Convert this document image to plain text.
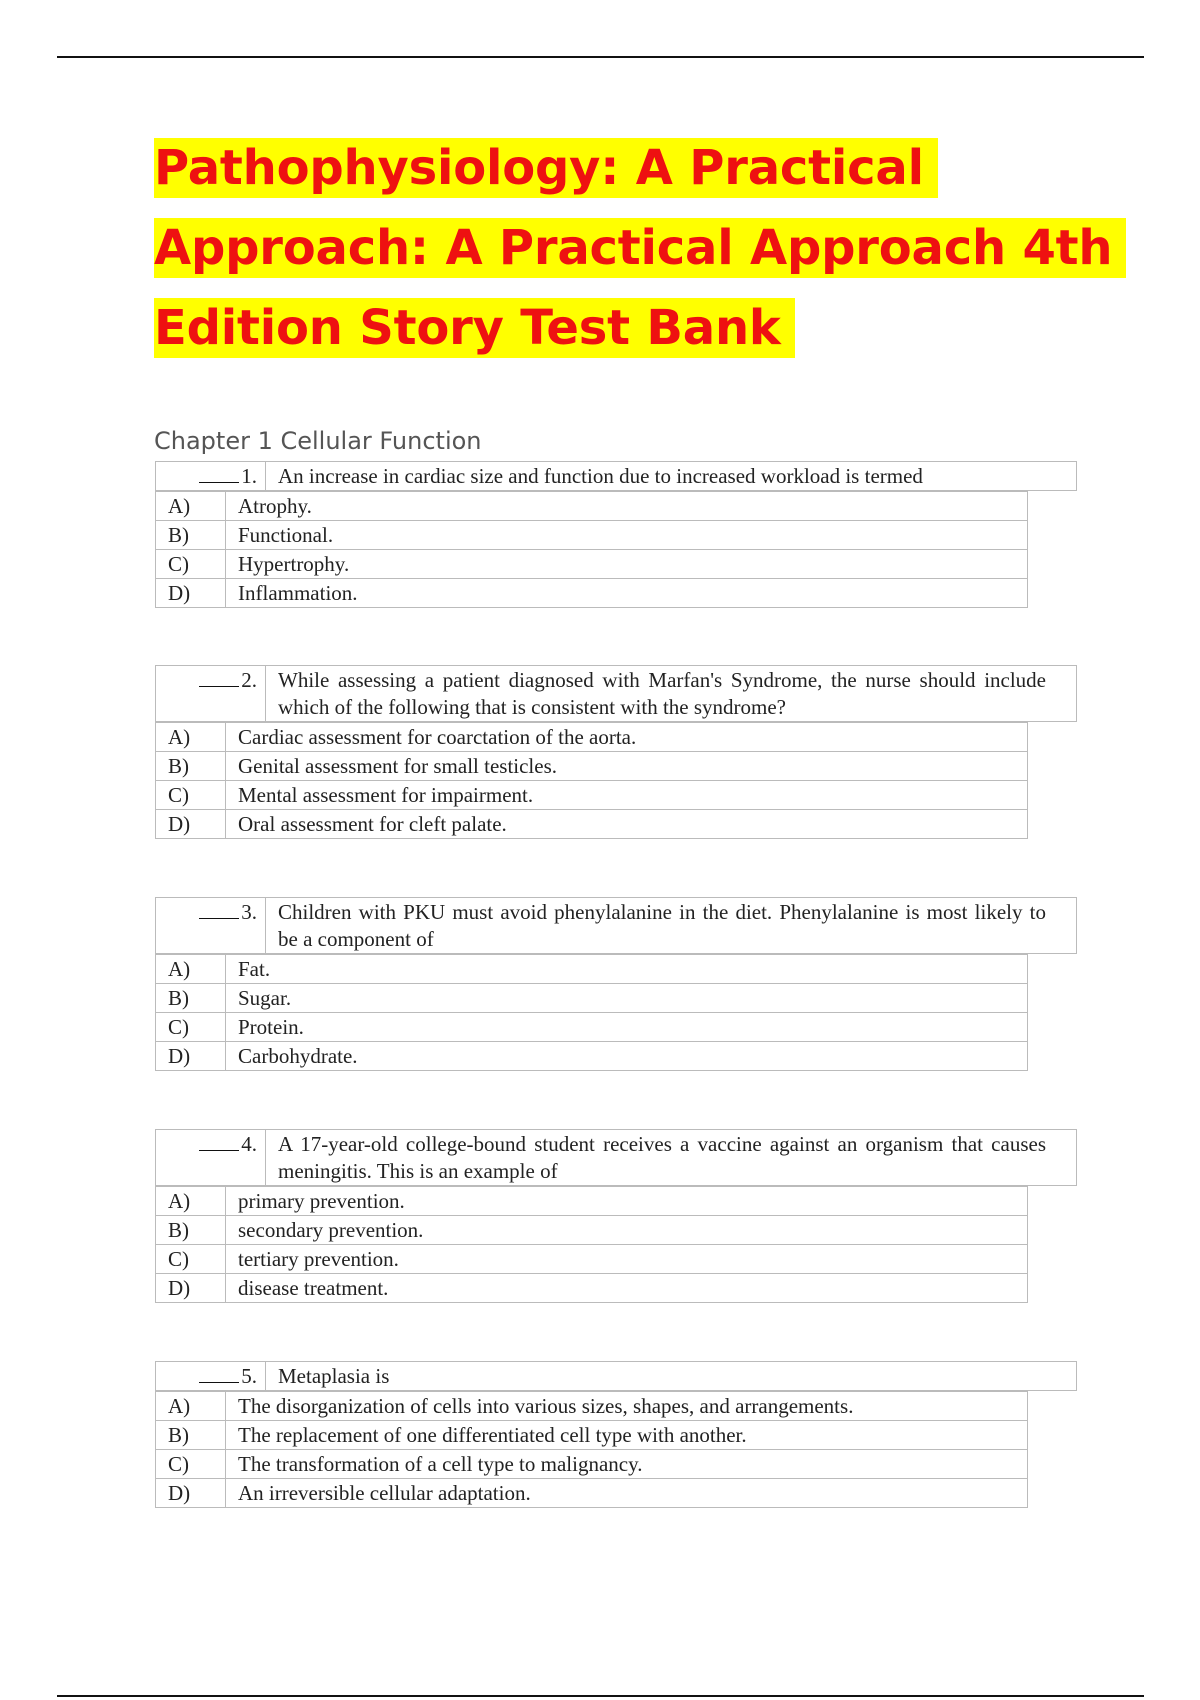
Pathophysiology: A Practical
Approach: A Practical Approach 4th
Edition Story Test Bank
Chapter 1 Cellular Function
1.	An increase in cardiac size and function due to increased workload is termed
A)	Atrophy.
B)	Functional.
C)	Hypertrophy.
D)	Inflammation.
2.	While assessing a patient diagnosed with Marfan's Syndrome, the nurse should include which of the following that is consistent with the syndrome?
A)	Cardiac assessment for coarctation of the aorta.
B)	Genital assessment for small testicles.
C)	Mental assessment for impairment.
D)	Oral assessment for cleft palate.
3.	Children with PKU must avoid phenylalanine in the diet. Phenylalanine is most likely to be a component of
A)	Fat.
B)	Sugar.
C)	Protein.
D)	Carbohydrate.
4.	A 17-year-old college-bound student receives a vaccine against an organism that causes meningitis. This is an example of
A)	primary prevention.
B)	secondary prevention.
C)	tertiary prevention.
D)	disease treatment.
5.	Metaplasia is
A)	The disorganization of cells into various sizes, shapes, and arrangements.
B)	The replacement of one differentiated cell type with another.
C)	The transformation of a cell type to malignancy.
D)	An irreversible cellular adaptation.
